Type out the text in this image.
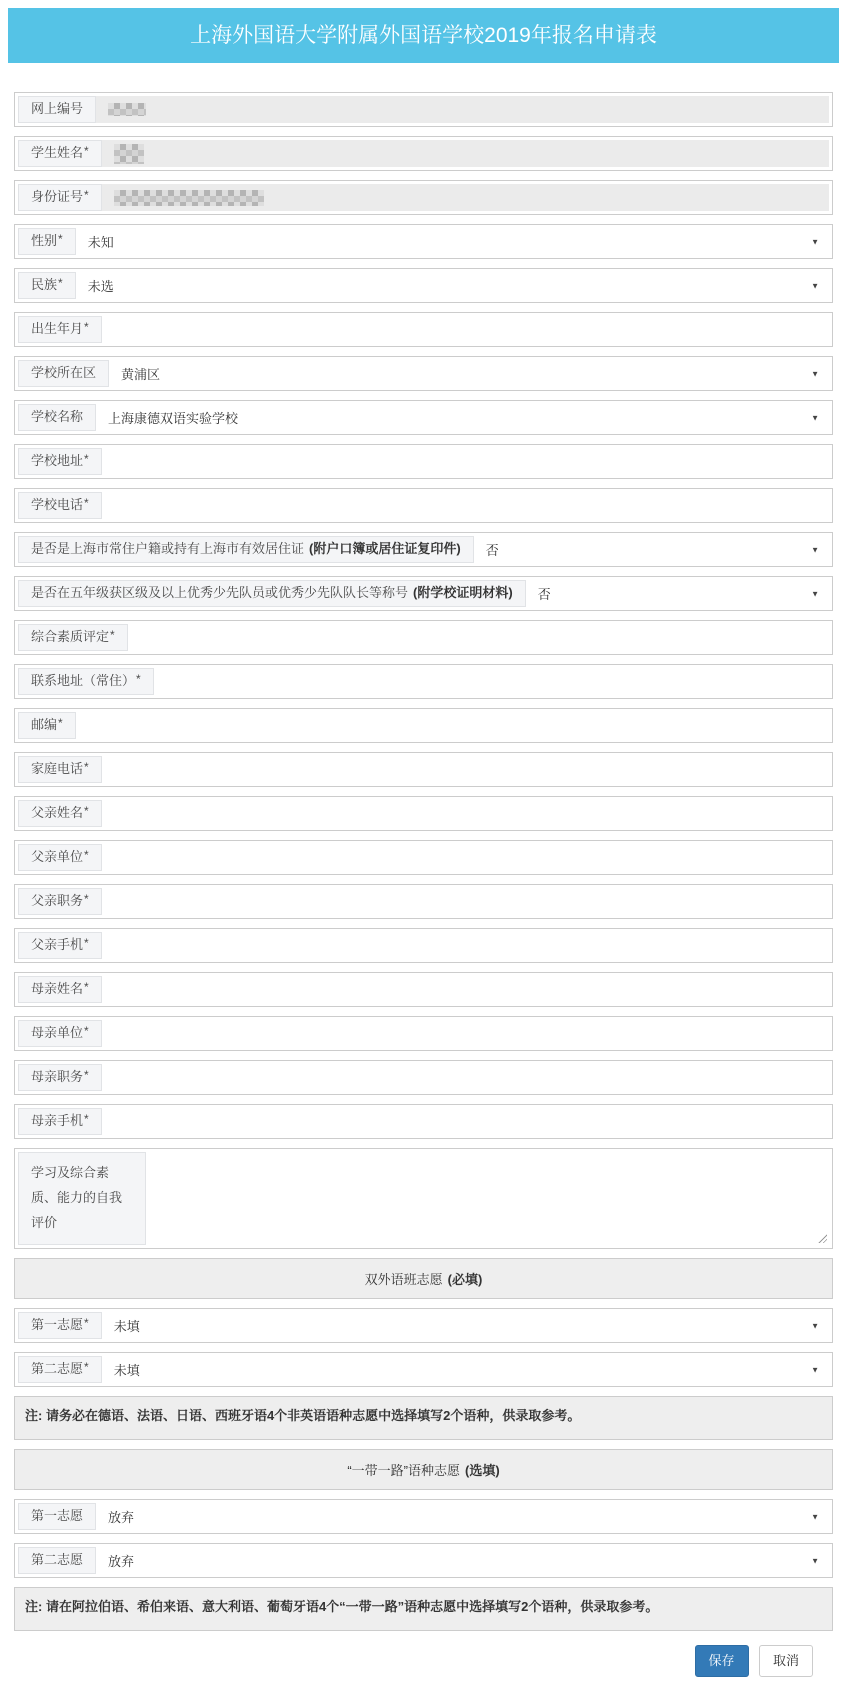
上海外国语大学附属外国语学校2019年报名申请表
网上编号
学生姓名 *
身份证号 *
性别 * 未知	▼
民族 * 未选	▼
出生年月 *
学校所在区 黄浦区	▼
学校名称 上海康德双语实验学校	▼
学校地址 *
学校电话 *
是否是上海市常住户籍或持有上海市有效居住证 (附户口簿或居住证复印件) 否	▼
是否在五年级获区级及以上优秀少先队员或优秀少先队队长等称号 (附学校证明材料) 否	▼
综合素质评定 *
联系地址（常住） *
邮编 *
家庭电话 *
父亲姓名 *
父亲单位 *
父亲职务 *
父亲手机 *
母亲姓名 *
母亲单位 *
母亲职务 *
母亲手机 *
学习及综合素质、能力的自我评价
双外语班志愿 (必填)
第一志愿 * 未填	▼
第二志愿 * 未填	▼
注: 请务必在德语、法语、日语、西班牙语4个非英语语种志愿中选择填写2个语种，供录取参考。
“一带一路”语种志愿 (选填)
第一志愿 放弃	▼
第二志愿 放弃	▼
注: 请在阿拉伯语、希伯来语、意大利语、葡萄牙语4个“一带一路”语种志愿中选择填写2个语种，供录取参考。
保存	取消
